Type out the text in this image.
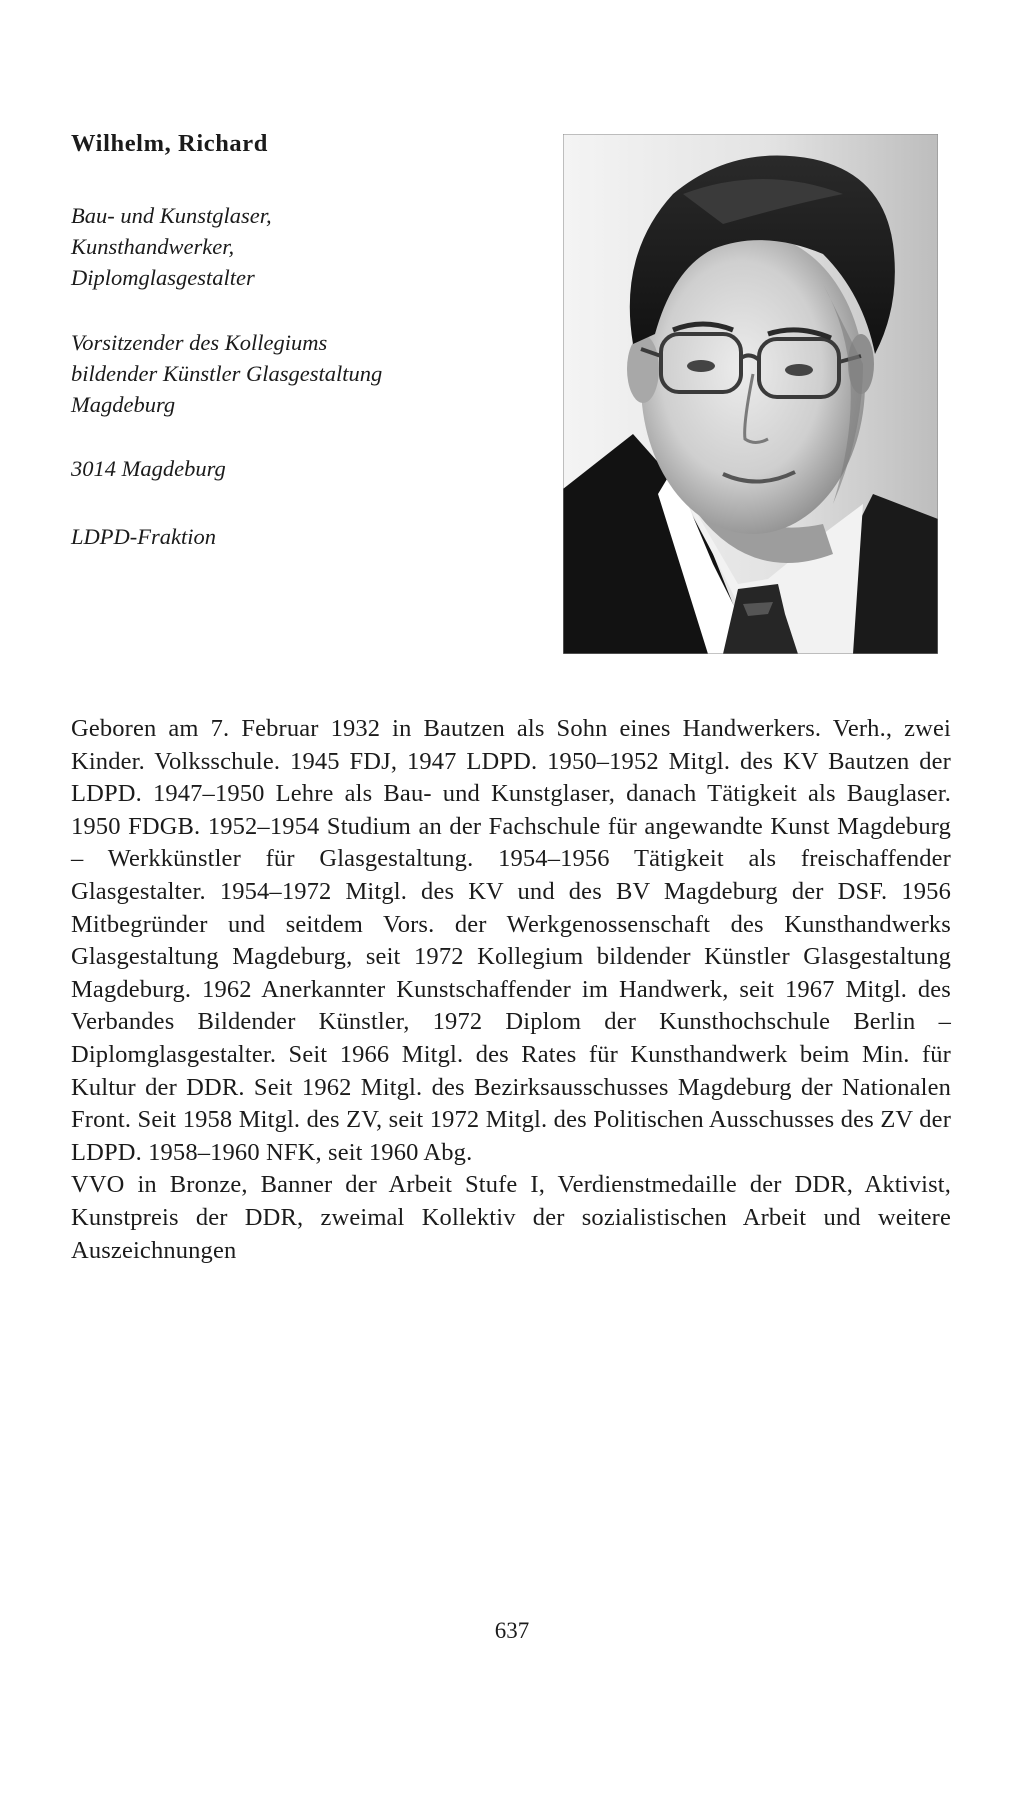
Wilhelm, Richard
Bau- und Kunstglaser,
Kunsthandwerker,
Diplomglasgestalter
Vorsitzender des Kollegiums
bildender Künstler Glasgestaltung
Magdeburg
3014 Magdeburg
LDPD-Fraktion

Geboren am 7. Februar 1932 in Bautzen als Sohn eines Handwerkers. Verh., zwei Kinder. Volksschule. 1945 FDJ, 1947 LDPD. 1950–1952 Mitgl. des KV Bautzen der LDPD. 1947–1950 Lehre als Bau- und Kunstglaser, danach Tätigkeit als Bauglaser. 1950 FDGB. 1952–1954 Studium an der Fachschule für angewandte Kunst Magdeburg – Werkkünstler für Glasgestaltung. 1954–1956 Tätigkeit als freischaffender Glasgestalter. 1954–1972 Mitgl. des KV und des BV Magdeburg der DSF. 1956 Mitbegründer und seitdem Vors. der Werkgenossenschaft des Kunsthandwerks Glasgestaltung Magdeburg, seit 1972 Kollegium bildender Künstler Glasgestaltung Magdeburg. 1962 Anerkannter Kunstschaffender im Handwerk, seit 1967 Mitgl. des Verbandes Bildender Künstler, 1972 Diplom der Kunsthochschule Berlin – Diplomglasgestalter. Seit 1966 Mitgl. des Rates für Kunsthandwerk beim Min. für Kultur der DDR. Seit 1962 Mitgl. des Bezirksausschusses Magdeburg der Nationalen Front. Seit 1958 Mitgl. des ZV, seit 1972 Mitgl. des Politischen Ausschusses des ZV der LDPD. 1958–1960 NFK, seit 1960 Abg.

VVO in Bronze, Banner der Arbeit Stufe I, Verdienstmedaille der DDR, Aktivist, Kunstpreis der DDR, zweimal Kollektiv der sozialistischen Arbeit und weitere Auszeichnungen

637
